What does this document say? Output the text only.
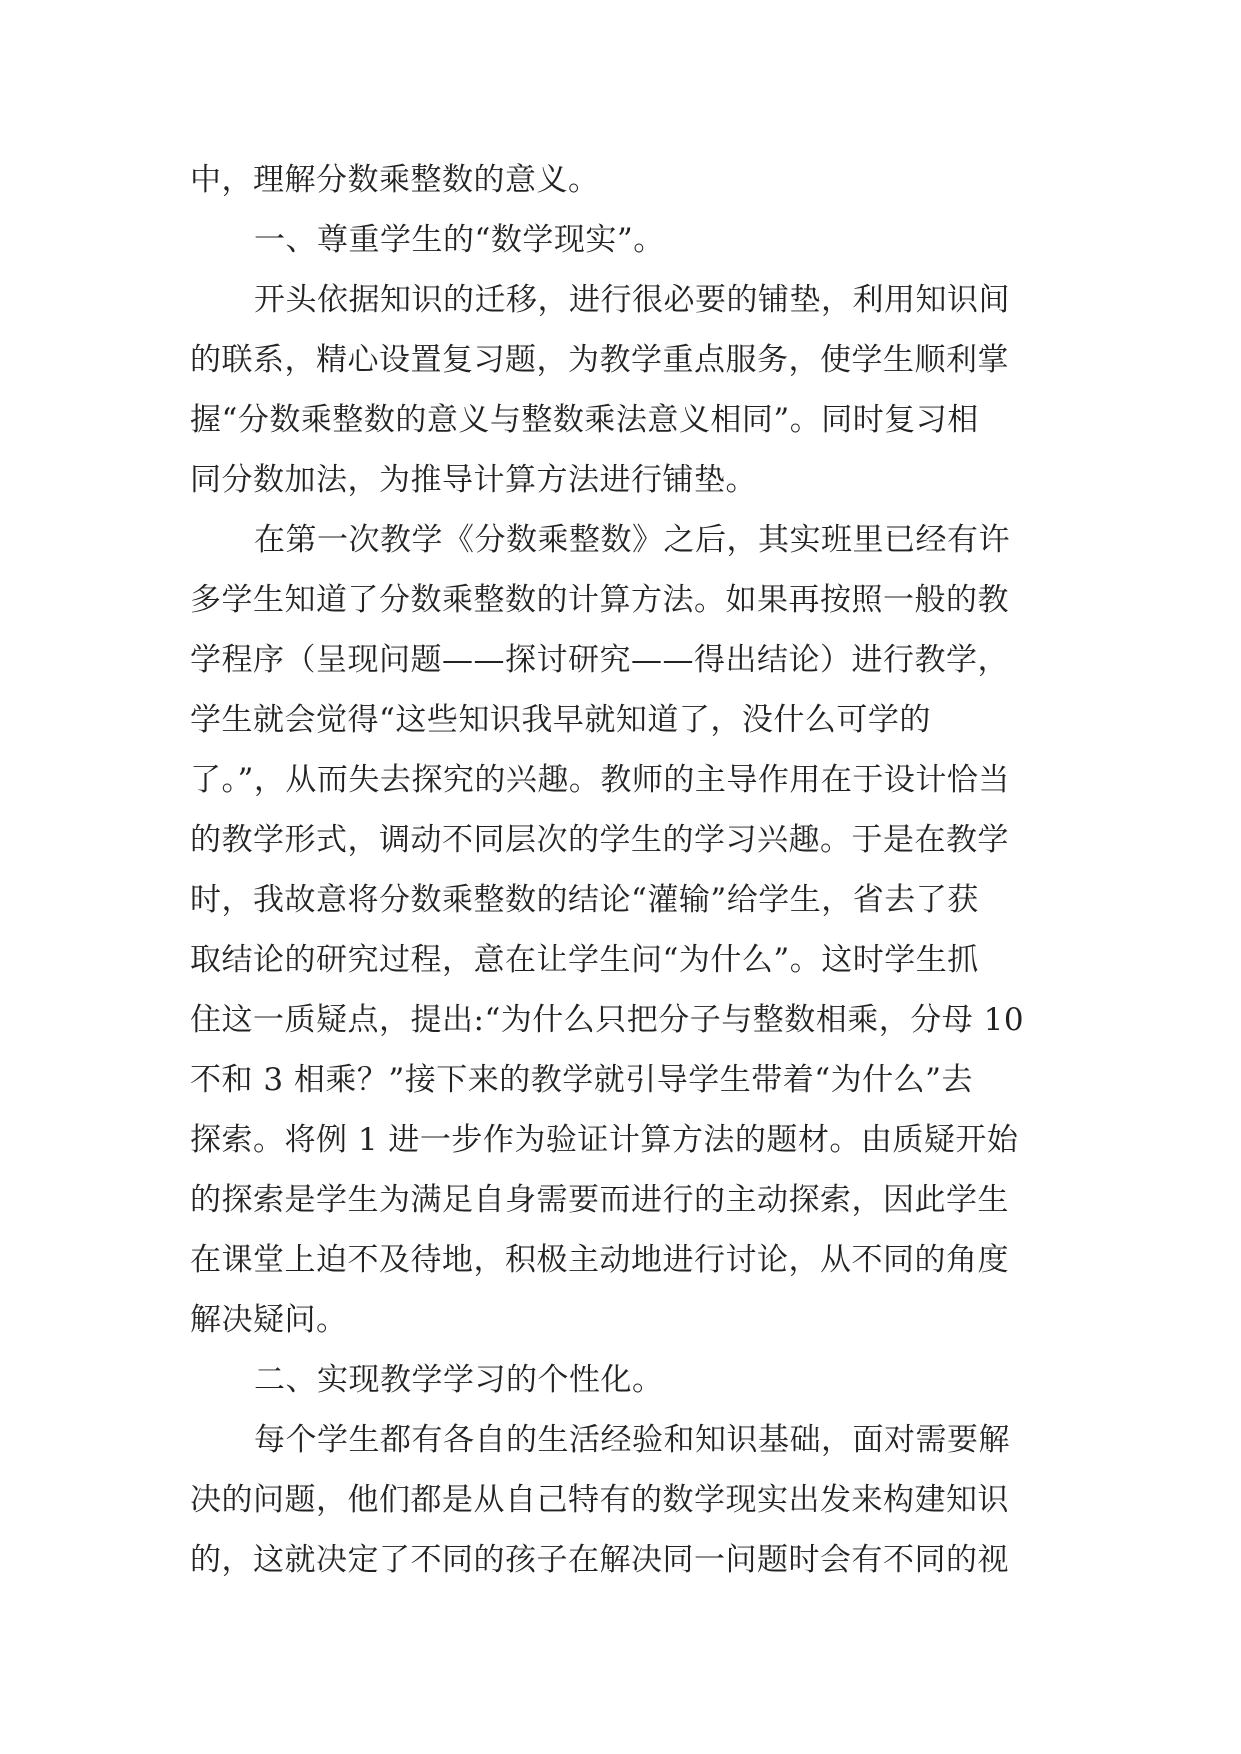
中，理解分数乘整数的意义。
一、尊重学生的“数学现实”。
开头依据知识的迁移，进行很必要的铺垫，利用知识间
的联系，精心设置复习题，为教学重点服务，使学生顺利掌
握“分数乘整数的意义与整数乘法意义相同”。同时复习相
同分数加法，为推导计算方法进行铺垫。
在第一次教学《分数乘整数》之后，其实班里已经有许
多学生知道了分数乘整数的计算方法。如果再按照一般的教
学程序（呈现问题——探讨研究——得出结论）进行教学，
学生就会觉得“这些知识我早就知道了，没什么可学的
了。”，从而失去探究的兴趣。教师的主导作用在于设计恰当
的教学形式，调动不同层次的学生的学习兴趣。于是在教学
时，我故意将分数乘整数的结论“灌输”给学生，省去了获
取结论的研究过程，意在让学生问“为什么”。这时学生抓
住这一质疑点，提出:“为什么只把分子与整数相乘，分母 10
不和 3 相乘？”接下来的教学就引导学生带着“为什么”去
探索。将例 1 进一步作为验证计算方法的题材。由质疑开始
的探索是学生为满足自身需要而进行的主动探索，因此学生
在课堂上迫不及待地，积极主动地进行讨论，从不同的角度
解决疑问。
二、实现教学学习的个性化。
每个学生都有各自的生活经验和知识基础，面对需要解
决的问题，他们都是从自己特有的数学现实出发来构建知识
的，这就决定了不同的孩子在解决同一问题时会有不同的视
